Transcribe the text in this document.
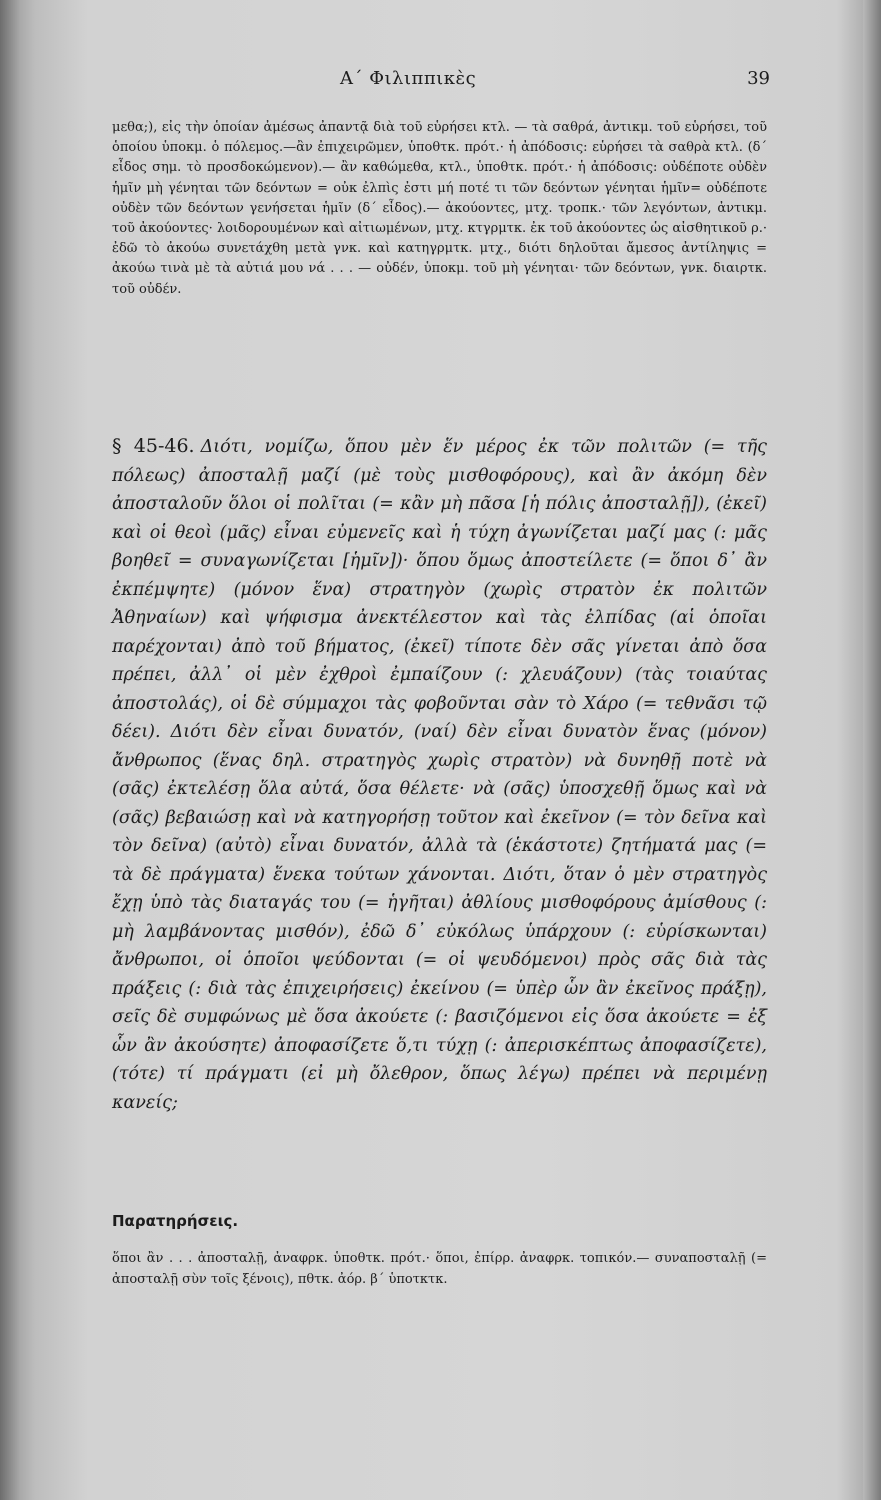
Α΄ Φιλιππικὲς	39
μεθα;), εἰς τὴν ὁποίαν ἀμέσως ἀπαντᾷ διὰ τοῦ εὑρήσει κτλ. — τὰ σαθρά, ἀντικμ. τοῦ εὑρήσει, τοῦ ὁποίου ὑποκμ. ὁ πόλεμος.—ἂν ἐπιχειρῶμεν, ὑποθτκ. πρότ.· ἡ ἀπόδοσις: εὑρήσει τὰ σαθρὰ κτλ. (δ΄ εἶδος σημ. τὸ προσδοκώμενον).— ἂν καθώμεθα, κτλ., ὑποθτκ. πρότ.· ἡ ἀπόδοσις: οὐδέποτε οὐδὲν ἡμῖν μὴ γένηται τῶν δεόντων = οὐκ ἐλπὶς ἐστι μή ποτέ τι τῶν δεόντων γένηται ἡμῖν= οὐδέποτε οὐδὲν τῶν δεόντων γενήσεται ἡμῖν (δ΄ εἶδος).— ἀκούοντες, μτχ. τροπκ.· τῶν λεγόντων, ἀντικμ. τοῦ ἀκούοντες· λοιδορουμένων καὶ αἰτιωμένων, μτχ. κτγρμτκ. ἐκ τοῦ ἀκούοντες ὡς αἰσθητικοῦ ρ.· ἐδῶ τὸ ἀκούω συνετάχθη μετὰ γνκ. καὶ κατηγρμτκ. μτχ., διότι δηλοῦται ἄμεσος ἀντίληψις = ἀκούω τινὰ μὲ τὰ αὐτιά μου νά . . . — οὐδέν, ὑποκμ. τοῦ μὴ γένηται· τῶν δεόντων, γνκ. διαιρτκ. τοῦ οὐδέν.
§ 45-46. Διότι, νομίζω, ὅπου μὲν ἕν μέρος ἐκ τῶν πολιτῶν (= τῆς πόλεως) ἀποσταλῇ μαζί (μὲ τοὺς μισθοφόρους), καὶ ἂν ἀκόμη δὲν ἀποσταλοῦν ὅλοι οἱ πολῖται (= κἂν μὴ πᾶσα [ἡ πόλις ἀποσταλῇ]), (ἐκεῖ) καὶ οἱ θεοὶ (μᾶς) εἶναι εὐμενεῖς καὶ ἡ τύχη ἀγωνίζεται μαζί μας (: μᾶς βοηθεῖ = συναγωνίζεται [ἡμῖν])· ὅπου ὅμως ἀποστείλετε (= ὅποι δ᾿ ἂν ἐκπέμψητε) (μόνον ἕνα) στρατηγὸν (χωρὶς στρατὸν ἐκ πολιτῶν Ἀθηναίων) καὶ ψήφισμα ἀνεκτέλεστον καὶ τὰς ἐλπίδας (αἱ ὁποῖαι παρέχονται) ἀπὸ τοῦ βήματος, (ἐκεῖ) τίποτε δὲν σᾶς γίνεται ἀπὸ ὅσα πρέπει, ἀλλ᾿ οἱ μὲν ἐχθροὶ ἐμπαίζουν (: χλευάζουν) (τὰς τοιαύτας ἀποστολάς), οἱ δὲ σύμμαχοι τὰς φοβοῦνται σὰν τὸ Χάρο (= τεθνᾶσι τῷ δέει). Διότι δὲν εἶναι δυνατόν, (ναί) δὲν εἶναι δυνατὸν ἕνας (μόνον) ἄνθρωπος (ἕνας δηλ. στρατηγὸς χωρὶς στρατὸν) νὰ δυνηθῇ ποτὲ νὰ (σᾶς) ἐκτελέσῃ ὅλα αὐτά, ὅσα θέλετε· νὰ (σᾶς) ὑποσχεθῇ ὅμως καὶ νὰ (σᾶς) βεβαιώσῃ καὶ νὰ κατηγορήσῃ τοῦτον καὶ ἐκεῖνον (= τὸν δεῖνα καὶ τὸν δεῖνα) (αὐτὸ) εἶναι δυνατόν, ἀλλὰ τὰ (ἑκάστοτε) ζητήματά μας (= τὰ δὲ πράγματα) ἕνεκα τούτων χάνονται. Διότι, ὅταν ὁ μὲν στρατηγὸς ἔχῃ ὑπὸ τὰς διαταγάς του (= ἡγῆται) ἀθλίους μισθοφόρους ἀμίσθους (: μὴ λαμβάνοντας μισθόν), ἐδῶ δ᾿ εὐκόλως ὑπάρχουν (: εὑρίσκωνται) ἄνθρωποι, οἱ ὁποῖοι ψεύδονται (= οἱ ψευδόμενοι) πρὸς σᾶς διὰ τὰς πράξεις (: διὰ τὰς ἐπιχειρήσεις) ἐκείνου (= ὑπὲρ ὧν ἂν ἐκεῖνος πράξῃ), σεῖς δὲ συμφώνως μὲ ὅσα ἀκούετε (: βασιζόμενοι εἰς ὅσα ἀκούετε = ἐξ ὧν ἂν ἀκούσητε) ἀποφασίζετε ὅ,τι τύχῃ (: ἀπερισκέπτως ἀποφασίζετε), (τότε) τί πράγματι (εἰ μὴ ὄλεθρον, ὅπως λέγω) πρέπει νὰ περιμένῃ κανείς;
Παρατηρήσεις.
ὅποι ἂν . . . ἀποσταλῇ, ἀναφρκ. ὑποθτκ. πρότ.· ὅποι, ἐπίρρ. ἀναφρκ. τοπικόν.— συναποσταλῇ (= ἀποσταλῇ σὺν τοῖς ξένοις), πθτκ. ἀόρ. β΄ ὑποτκτκ.
